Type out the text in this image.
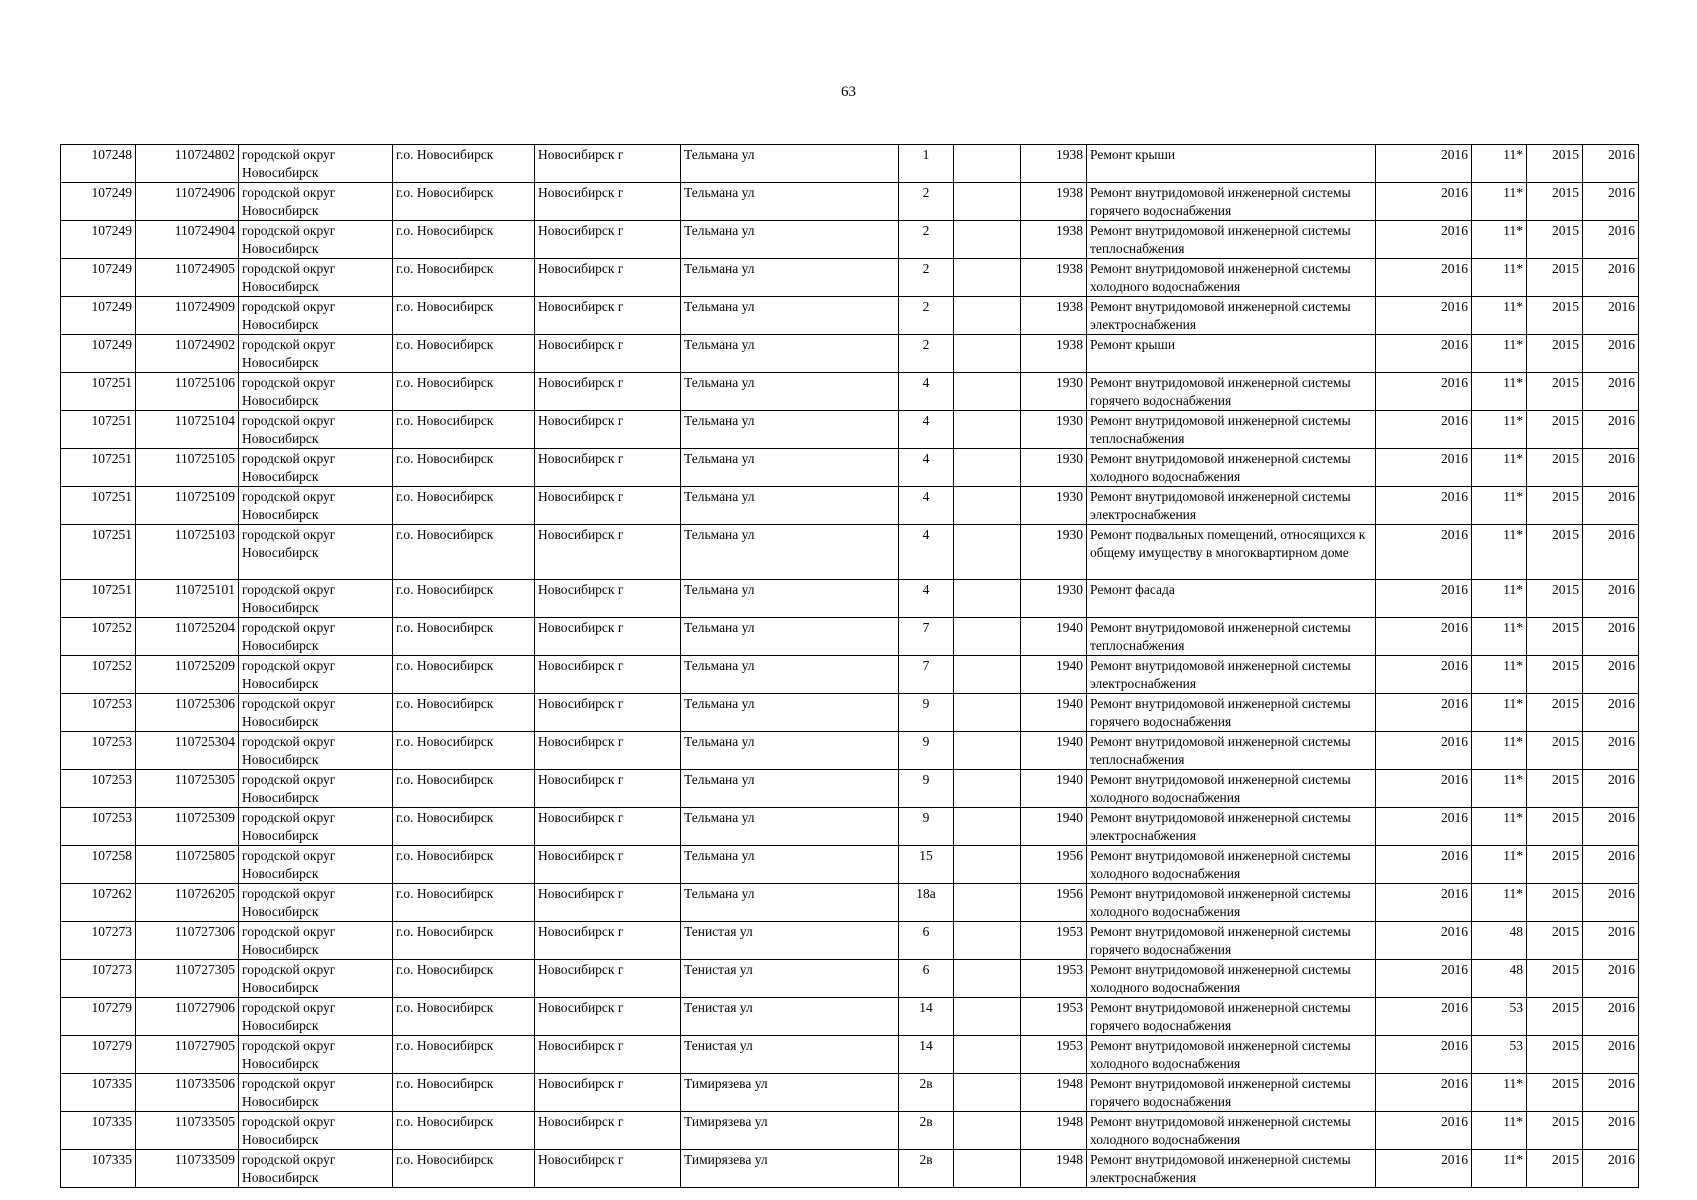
63
107248	110724802	городской округ Новосибирск	г.о. Новосибирск	Новосибирск г	Тельмана ул	1		1938	Ремонт крыши	2016	11*	2015	2016
107249	110724906	городской округ Новосибирск	г.о. Новосибирск	Новосибирск г	Тельмана ул	2		1938	Ремонт внутридомовой инженерной системы горячего водоснабжения	2016	11*	2015	2016
107249	110724904	городской округ Новосибирск	г.о. Новосибирск	Новосибирск г	Тельмана ул	2		1938	Ремонт внутридомовой инженерной системы теплоснабжения	2016	11*	2015	2016
107249	110724905	городской округ Новосибирск	г.о. Новосибирск	Новосибирск г	Тельмана ул	2		1938	Ремонт внутридомовой инженерной системы холодного водоснабжения	2016	11*	2015	2016
107249	110724909	городской округ Новосибирск	г.о. Новосибирск	Новосибирск г	Тельмана ул	2		1938	Ремонт внутридомовой инженерной системы электроснабжения	2016	11*	2015	2016
107249	110724902	городской округ Новосибирск	г.о. Новосибирск	Новосибирск г	Тельмана ул	2		1938	Ремонт крыши	2016	11*	2015	2016
107251	110725106	городской округ Новосибирск	г.о. Новосибирск	Новосибирск г	Тельмана ул	4		1930	Ремонт внутридомовой инженерной системы горячего водоснабжения	2016	11*	2015	2016
107251	110725104	городской округ Новосибирск	г.о. Новосибирск	Новосибирск г	Тельмана ул	4		1930	Ремонт внутридомовой инженерной системы теплоснабжения	2016	11*	2015	2016
107251	110725105	городской округ Новосибирск	г.о. Новосибирск	Новосибирск г	Тельмана ул	4		1930	Ремонт внутридомовой инженерной системы холодного водоснабжения	2016	11*	2015	2016
107251	110725109	городской округ Новосибирск	г.о. Новосибирск	Новосибирск г	Тельмана ул	4		1930	Ремонт внутридомовой инженерной системы электроснабжения	2016	11*	2015	2016
107251	110725103	городской округ Новосибирск	г.о. Новосибирск	Новосибирск г	Тельмана ул	4		1930	Ремонт подвальных помещений, относящихся к общему имуществу в многоквартирном доме	2016	11*	2015	2016
107251	110725101	городской округ Новосибирск	г.о. Новосибирск	Новосибирск г	Тельмана ул	4		1930	Ремонт фасада	2016	11*	2015	2016
107252	110725204	городской округ Новосибирск	г.о. Новосибирск	Новосибирск г	Тельмана ул	7		1940	Ремонт внутридомовой инженерной системы теплоснабжения	2016	11*	2015	2016
107252	110725209	городской округ Новосибирск	г.о. Новосибирск	Новосибирск г	Тельмана ул	7		1940	Ремонт внутридомовой инженерной системы электроснабжения	2016	11*	2015	2016
107253	110725306	городской округ Новосибирск	г.о. Новосибирск	Новосибирск г	Тельмана ул	9		1940	Ремонт внутридомовой инженерной системы горячего водоснабжения	2016	11*	2015	2016
107253	110725304	городской округ Новосибирск	г.о. Новосибирск	Новосибирск г	Тельмана ул	9		1940	Ремонт внутридомовой инженерной системы теплоснабжения	2016	11*	2015	2016
107253	110725305	городской округ Новосибирск	г.о. Новосибирск	Новосибирск г	Тельмана ул	9		1940	Ремонт внутридомовой инженерной системы холодного водоснабжения	2016	11*	2015	2016
107253	110725309	городской округ Новосибирск	г.о. Новосибирск	Новосибирск г	Тельмана ул	9		1940	Ремонт внутридомовой инженерной системы электроснабжения	2016	11*	2015	2016
107258	110725805	городской округ Новосибирск	г.о. Новосибирск	Новосибирск г	Тельмана ул	15		1956	Ремонт внутридомовой инженерной системы холодного водоснабжения	2016	11*	2015	2016
107262	110726205	городской округ Новосибирск	г.о. Новосибирск	Новосибирск г	Тельмана ул	18а		1956	Ремонт внутридомовой инженерной системы холодного водоснабжения	2016	11*	2015	2016
107273	110727306	городской округ Новосибирск	г.о. Новосибирск	Новосибирск г	Тенистая ул	6		1953	Ремонт внутридомовой инженерной системы горячего водоснабжения	2016	48	2015	2016
107273	110727305	городской округ Новосибирск	г.о. Новосибирск	Новосибирск г	Тенистая ул	6		1953	Ремонт внутридомовой инженерной системы холодного водоснабжения	2016	48	2015	2016
107279	110727906	городской округ Новосибирск	г.о. Новосибирск	Новосибирск г	Тенистая ул	14		1953	Ремонт внутридомовой инженерной системы горячего водоснабжения	2016	53	2015	2016
107279	110727905	городской округ Новосибирск	г.о. Новосибирск	Новосибирск г	Тенистая ул	14		1953	Ремонт внутридомовой инженерной системы холодного водоснабжения	2016	53	2015	2016
107335	110733506	городской округ Новосибирск	г.о. Новосибирск	Новосибирск г	Тимирязева ул	2в		1948	Ремонт внутридомовой инженерной системы горячего водоснабжения	2016	11*	2015	2016
107335	110733505	городской округ Новосибирск	г.о. Новосибирск	Новосибирск г	Тимирязева ул	2в		1948	Ремонт внутридомовой инженерной системы холодного водоснабжения	2016	11*	2015	2016
107335	110733509	городской округ Новосибирск	г.о. Новосибирск	Новосибирск г	Тимирязева ул	2в		1948	Ремонт внутридомовой инженерной системы электроснабжения	2016	11*	2015	2016
